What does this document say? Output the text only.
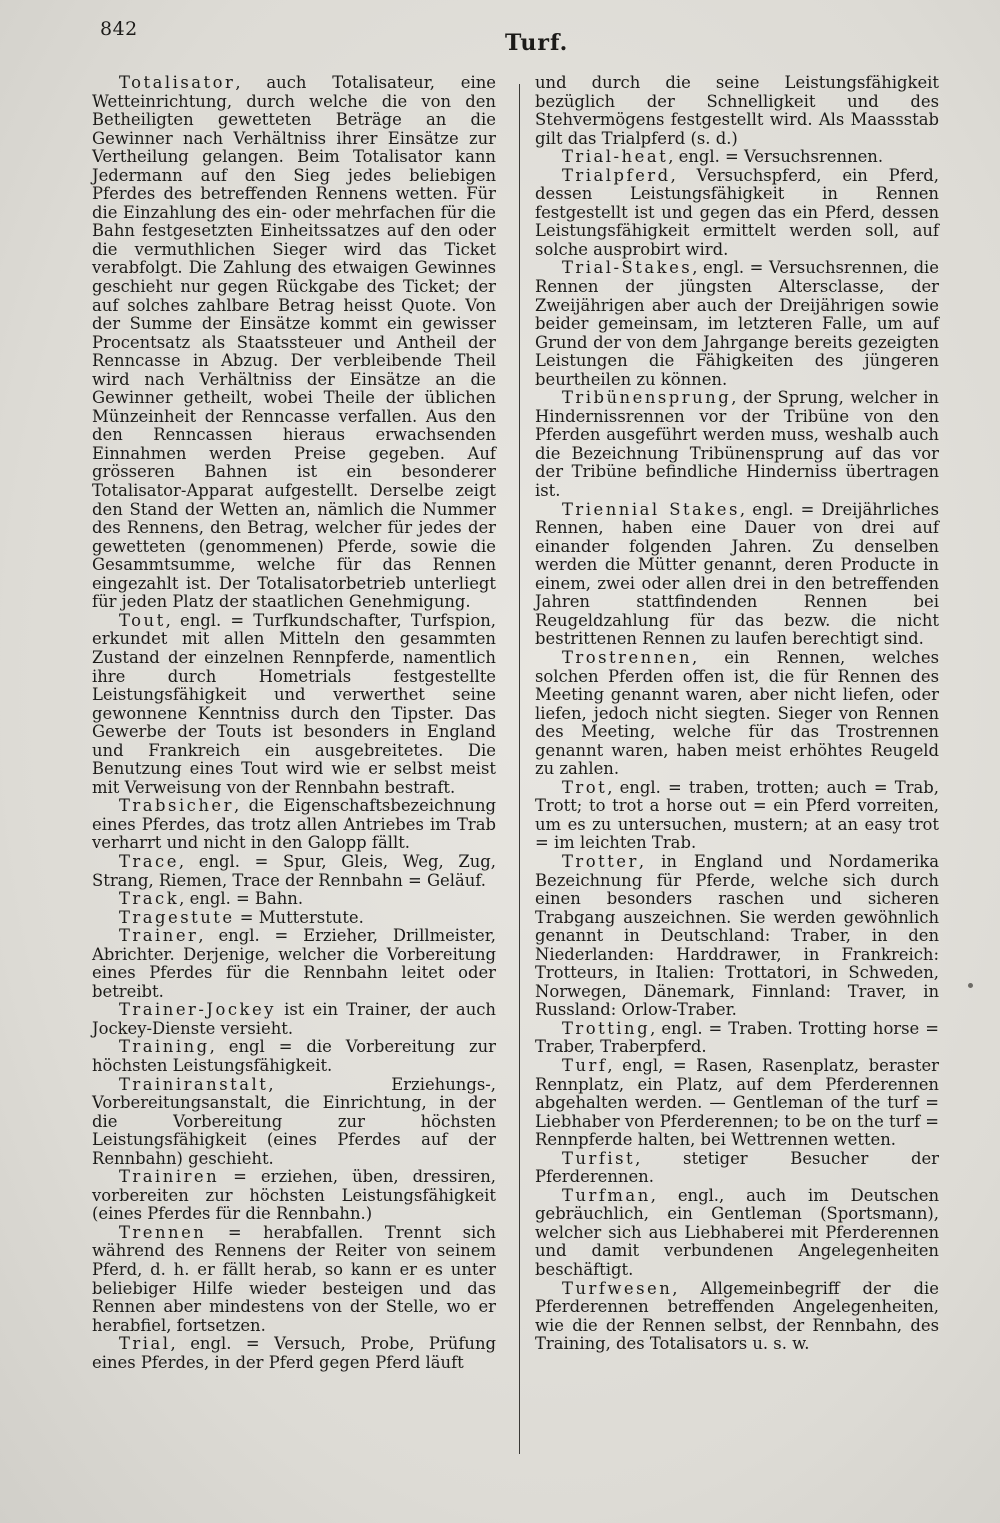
842
Turf.

Totalisator, auch Totalisateur, eine Wetteinrichtung, durch welche die von den Betheiligten gewetteten Beträge an die Gewinner nach Verhältniss ihrer Einsätze zur Vertheilung gelangen. Beim Totalisator kann Jedermann auf den Sieg jedes beliebigen Pferdes des betreffenden Rennens wetten. Für die Einzahlung des ein- oder mehrfachen für die Bahn festgesetzten Einheitssatzes auf den oder die vermuthlichen Sieger wird das Ticket verabfolgt. Die Zahlung des etwaigen Gewinnes geschieht nur gegen Rückgabe des Ticket; der auf solches zahlbare Betrag heisst Quote. Von der Summe der Einsätze kommt ein gewisser Procentsatz als Staatssteuer und Antheil der Renncasse in Abzug. Der verbleibende Theil wird nach Verhältniss der Einsätze an die Gewinner getheilt, wobei Theile der üblichen Münzeinheit der Renncasse verfallen. Aus den den Renncassen hieraus erwachsenden Einnahmen werden Preise gegeben. Auf grösseren Bahnen ist ein besonderer Totalisator-Apparat aufgestellt. Derselbe zeigt den Stand der Wetten an, nämlich die Nummer des Rennens, den Betrag, welcher für jedes der gewetteten (genommenen) Pferde, sowie die Gesammtsumme, welche für das Rennen eingezahlt ist. Der Totalisatorbetrieb unterliegt für jeden Platz der staatlichen Genehmigung.

Tout, engl. = Turfkundschafter, Turfspion, erkundet mit allen Mitteln den gesammten Zustand der einzelnen Rennpferde, namentlich ihre durch Hometrials festgestellte Leistungsfähigkeit und verwerthet seine gewonnene Kenntniss durch den Tipster. Das Gewerbe der Touts ist besonders in England und Frankreich ein ausgebreitetes. Die Benutzung eines Tout wird wie er selbst meist mit Verweisung von der Rennbahn bestraft.

Trabsicher, die Eigenschaftsbezeichnung eines Pferdes, das trotz allen Antriebes im Trab verharrt und nicht in den Galopp fällt.

Trace, engl. = Spur, Gleis, Weg, Zug, Strang, Riemen, Trace der Rennbahn = Geläuf.

Track, engl. = Bahn.

Tragestute = Mutterstute.

Trainer, engl. = Erzieher, Drillmeister, Abrichter. Derjenige, welcher die Vorbereitung eines Pferdes für die Rennbahn leitet oder betreibt.

Trainer-Jockey ist ein Trainer, der auch Jockey-Dienste versieht.

Training, engl = die Vorbereitung zur höchsten Leistungsfähigkeit.

Trainiranstalt, Erziehungs-, Vorbereitungsanstalt, die Einrichtung, in der die Vorbereitung zur höchsten Leistungsfähigkeit (eines Pferdes auf der Rennbahn) geschieht.

Trainiren = erziehen, üben, dressiren, vorbereiten zur höchsten Leistungsfähigkeit (eines Pferdes für die Rennbahn.)

Trennen = herabfallen. Trennt sich während des Rennens der Reiter von seinem Pferd, d. h. er fällt herab, so kann er es unter beliebiger Hilfe wieder besteigen und das Rennen aber mindestens von der Stelle, wo er herabfiel, fortsetzen.

Trial, engl. = Versuch, Probe, Prüfung eines Pferdes, in der Pferd gegen Pferd läuft

und durch die seine Leistungsfähigkeit bezüglich der Schnelligkeit und des Stehvermögens festgestellt wird. Als Maassstab gilt das Trialpferd (s. d.)

Trial-heat, engl. = Versuchsrennen.

Trialpferd, Versuchspferd, ein Pferd, dessen Leistungsfähigkeit in Rennen festgestellt ist und gegen das ein Pferd, dessen Leistungsfähigkeit ermittelt werden soll, auf solche ausprobirt wird.

Trial-Stakes, engl. = Versuchsrennen, die Rennen der jüngsten Altersclasse, der Zweijährigen aber auch der Dreijährigen sowie beider gemeinsam, im letzteren Falle, um auf Grund der von dem Jahrgange bereits gezeigten Leistungen die Fähigkeiten des jüngeren beurtheilen zu können.

Tribünensprung, der Sprung, welcher in Hindernissrennen vor der Tribüne von den Pferden ausgeführt werden muss, weshalb auch die Bezeichnung Tribünensprung auf das vor der Tribüne befindliche Hinderniss übertragen ist.

Triennial Stakes, engl. = Dreijährliches Rennen, haben eine Dauer von drei auf einander folgenden Jahren. Zu denselben werden die Mütter genannt, deren Producte in einem, zwei oder allen drei in den betreffenden Jahren stattfindenden Rennen bei Reugeldzahlung für das bezw. die nicht bestrittenen Rennen zu laufen berechtigt sind.

Trostrennen, ein Rennen, welches solchen Pferden offen ist, die für Rennen des Meeting genannt waren, aber nicht liefen, oder liefen, jedoch nicht siegten. Sieger von Rennen des Meeting, welche für das Trostrennen genannt waren, haben meist erhöhtes Reugeld zu zahlen.

Trot, engl. = traben, trotten; auch = Trab, Trott; to trot a horse out = ein Pferd vorreiten, um es zu untersuchen, mustern; at an easy trot = im leichten Trab.

Trotter, in England und Nordamerika Bezeichnung für Pferde, welche sich durch einen besonders raschen und sicheren Trabgang auszeichnen. Sie werden gewöhnlich genannt in Deutschland: Traber, in den Niederlanden: Harddrawer, in Frankreich: Trotteurs, in Italien: Trottatori, in Schweden, Norwegen, Dänemark, Finnland: Traver, in Russland: Orlow-Traber.

Trotting, engl. = Traben. Trotting horse = Traber, Traberpferd.

Turf, engl, = Rasen, Rasenplatz, beraster Rennplatz, ein Platz, auf dem Pferderennen abgehalten werden. — Gentleman of the turf = Liebhaber von Pferderennen; to be on the turf = Rennpferde halten, bei Wettrennen wetten.

Turfist, stetiger Besucher der Pferderennen.

Turfman, engl., auch im Deutschen gebräuchlich, ein Gentleman (Sportsmann), welcher sich aus Liebhaberei mit Pferderennen und damit verbundenen Angelegenheiten beschäftigt.

Turfwesen, Allgemeinbegriff der die Pferderennen betreffenden Angelegenheiten, wie die der Rennen selbst, der Rennbahn, des Training, des Totalisators u. s. w.
